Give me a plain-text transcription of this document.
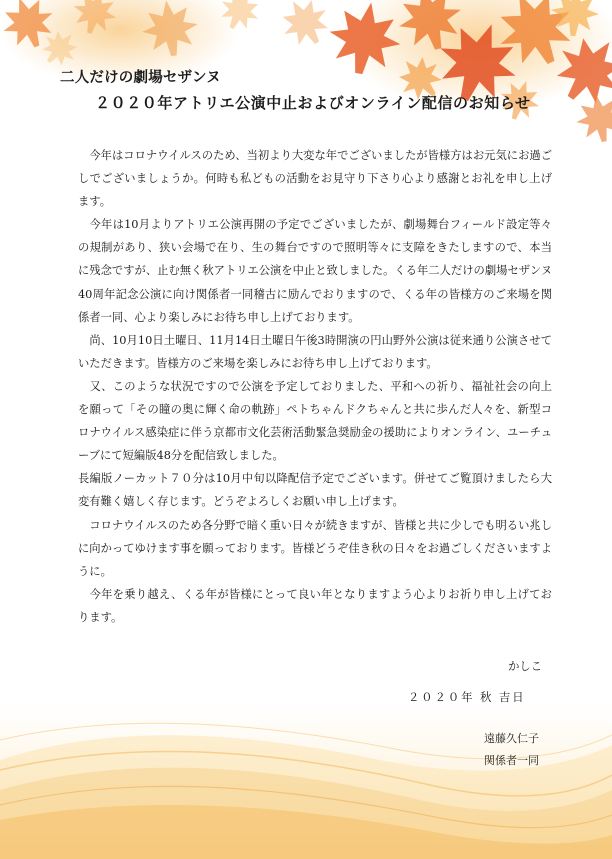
二人だけの劇場セザンヌ
２０２０年アトリエ公演中止およびオンライン配信のお知らせ

　今年はコロナウイルスのため、当初より大変な年でございましたが皆様方はお元気にお過ごしでございましょうか。何時も私どもの活動をお見守り下さり心より感謝とお礼を申し上げます。

　今年は10月よりアトリエ公演再開の予定でございましたが、劇場舞台フィールド設定等々の規制があり、狭い会場で在り、生の舞台ですので照明等々に支障をきたしますので、本当に残念ですが、止む無く秋アトリエ公演を中止と致しました。くる年二人だけの劇場セザンヌ40周年記念公演に向け関係者一同稽古に励んでおりますので、くる年の皆様方のご来場を関係者一同、心より楽しみにお待ち申し上げております。

　尚、10月10日土曜日、11月14日土曜日午後3時開演の円山野外公演は従来通り公演させていただきます。皆様方のご来場を楽しみにお待ち申し上げております。

　又、このような状況ですので公演を予定しておりました、平和への祈り、福祉社会の向上を願って「その瞳の奥に輝く命の軌跡」ペトちゃんドクちゃんと共に歩んだ人々を、新型コロナウイルス感染症に伴う京都市文化芸術活動緊急奨励金の援助によりオンライン、ユーチューブにて短編版48分を配信致しました。

長編版ノーカット７０分は10月中旬以降配信予定でございます。併せてご覧頂けましたら大変有難く嬉しく存じます。どうぞよろしくお願い申し上げます。

　コロナウイルスのため各分野で暗く重い日々が続きますが、皆様と共に少しでも明るい兆しに向かってゆけます事を願っております。皆様どうぞ佳き秋の日々をお過ごしくださいますように。

　今年を乗り越え、くる年が皆様にとって良い年となりますよう心よりお祈り申し上げております。

かしこ
２０２０年 秋 吉日
遠藤久仁子
関係者一同
